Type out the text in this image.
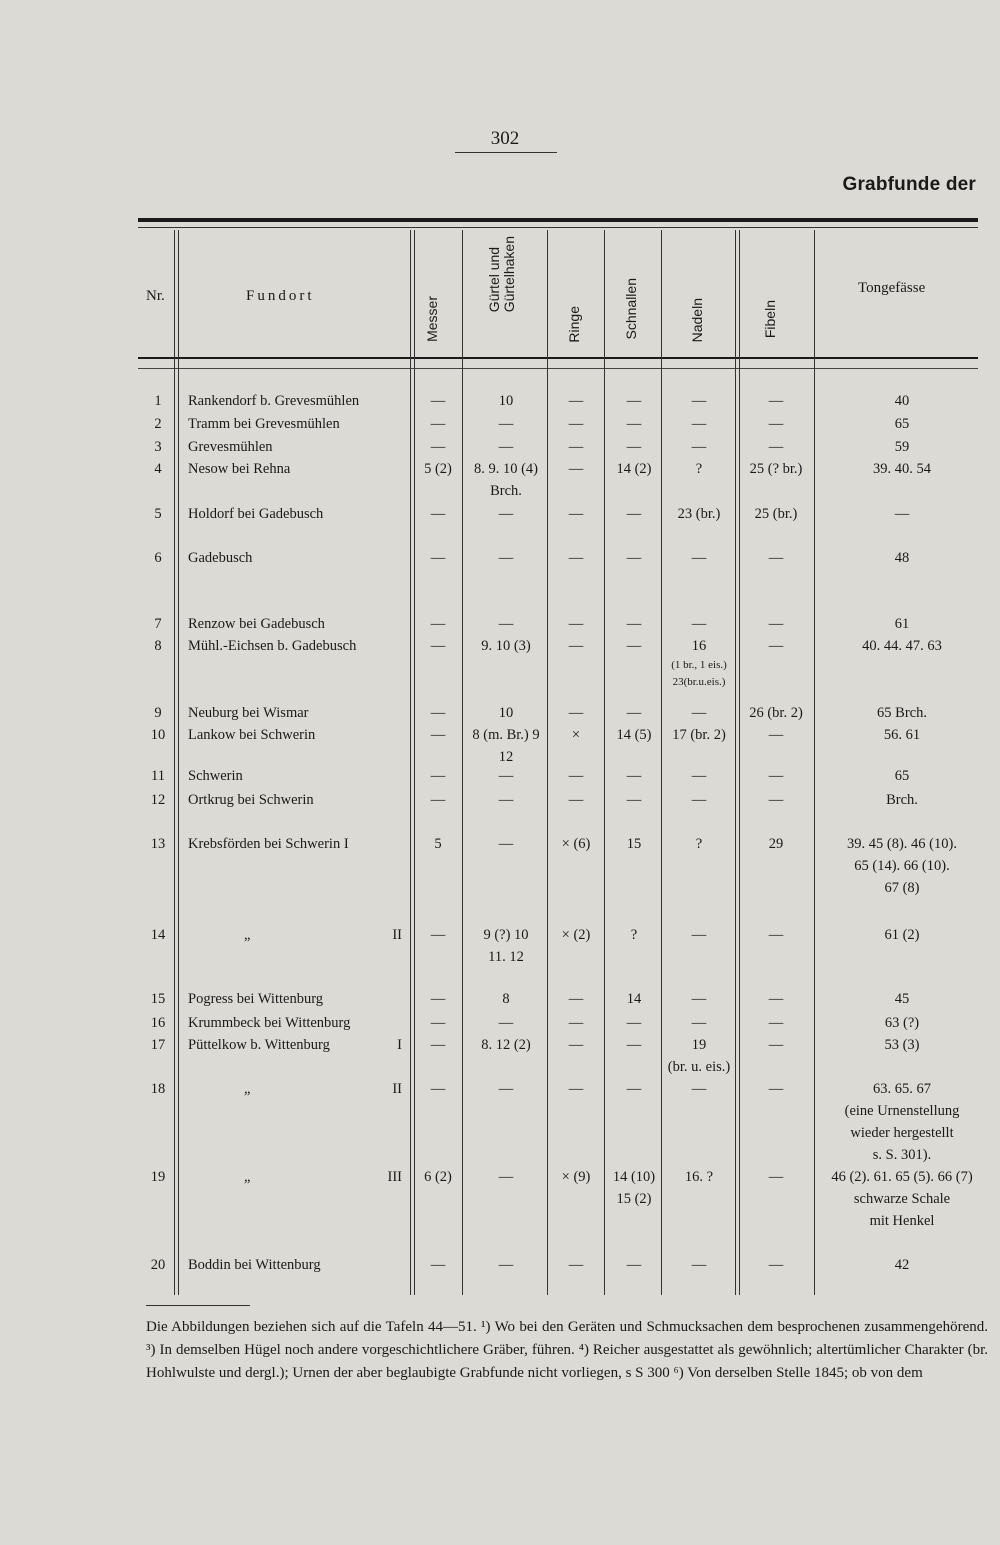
302
Grabfunde der
Nr.	Fundort	Messer
Gürtel und
Gürtelhaken
Ringe	Schnallen	Nadeln	Fibeln
Tongefässe
1	Rankendorf b. Grevesmühlen	—	10	—	—	—	—	40
2	Tramm bei Grevesmühlen	—	—	—	—	—	—	65
3	Grevesmühlen	—	—	—	—	—	—	59
4	Nesow bei Rehna	5 (2)	8. 9. 10 (4)
Brch.
—	14 (2)	?	25 (? br.)	39. 40. 54
5	Holdorf bei Gadebusch	—	—	—	—	23 (br.)	25 (br.)	—
6	Gadebusch	—	—	—	—	—	—	48
7	Renzow bei Gadebusch	—	—	—	—	—	—	61
8	Mühl.-Eichsen b. Gadebusch	—	9. 10 (3)	—	—	16
(1 br., 1 eis.)
23(br.u.eis.)
—	40. 44. 47. 63
9	Neuburg bei Wismar	—	10	—	—	—	26 (br. 2)	65 Brch.
10	Lankow bei Schwerin	—	8 (m. Br.) 9
12
×	14 (5)	17 (br. 2)	—	56. 61
11	Schwerin	—	—	—	—	—	—	65
12	Ortkrug bei Schwerin	—	—	—	—	—	—	Brch.
13	Krebsförden bei Schwerin I	5	—	× (6)	15	?	29	39. 45 (8). 46 (10).
65 (14). 66 (10).
67 (8)
14	„	II	—	9 (?) 10
11. 12
× (2)	?	—	—	61 (2)
15	Pogress bei Wittenburg	—	8	—	14	—	—	45
16	Krummbeck bei Wittenburg	—	—	—	—	—	—	63 (?)
17	Püttelkow b. Wittenburg	I	—	8. 12 (2)	—	—	19
(br. u. eis.)
—	53 (3)
18	„	II	—	—	—	—	—	—	63. 65. 67
(eine Urnenstellung
wieder hergestellt
s. S. 301).
19	„	III	6 (2)	—	× (9)	14 (10)
15 (2)
16. ?	—	46 (2). 61. 65 (5). 66 (7)
schwarze Schale
mit Henkel
20	Boddin bei Wittenburg	—	—	—	—	—	—	42
Die Abbildungen beziehen sich auf die Tafeln 44—51. ¹) Wo bei den Geräten und Schmucksachen dem besprochenen zusammengehörend. ³) In demselben Hügel noch andere vorgeschichtlichere Gräber, führen. ⁴) Reicher ausgestattet als gewöhnlich; altertümlicher Charakter (br. Hohlwulste und dergl.); Urnen der aber beglaubigte Grabfunde nicht vorliegen, s S 300 ⁶) Von derselben Stelle 1845; ob von dem
